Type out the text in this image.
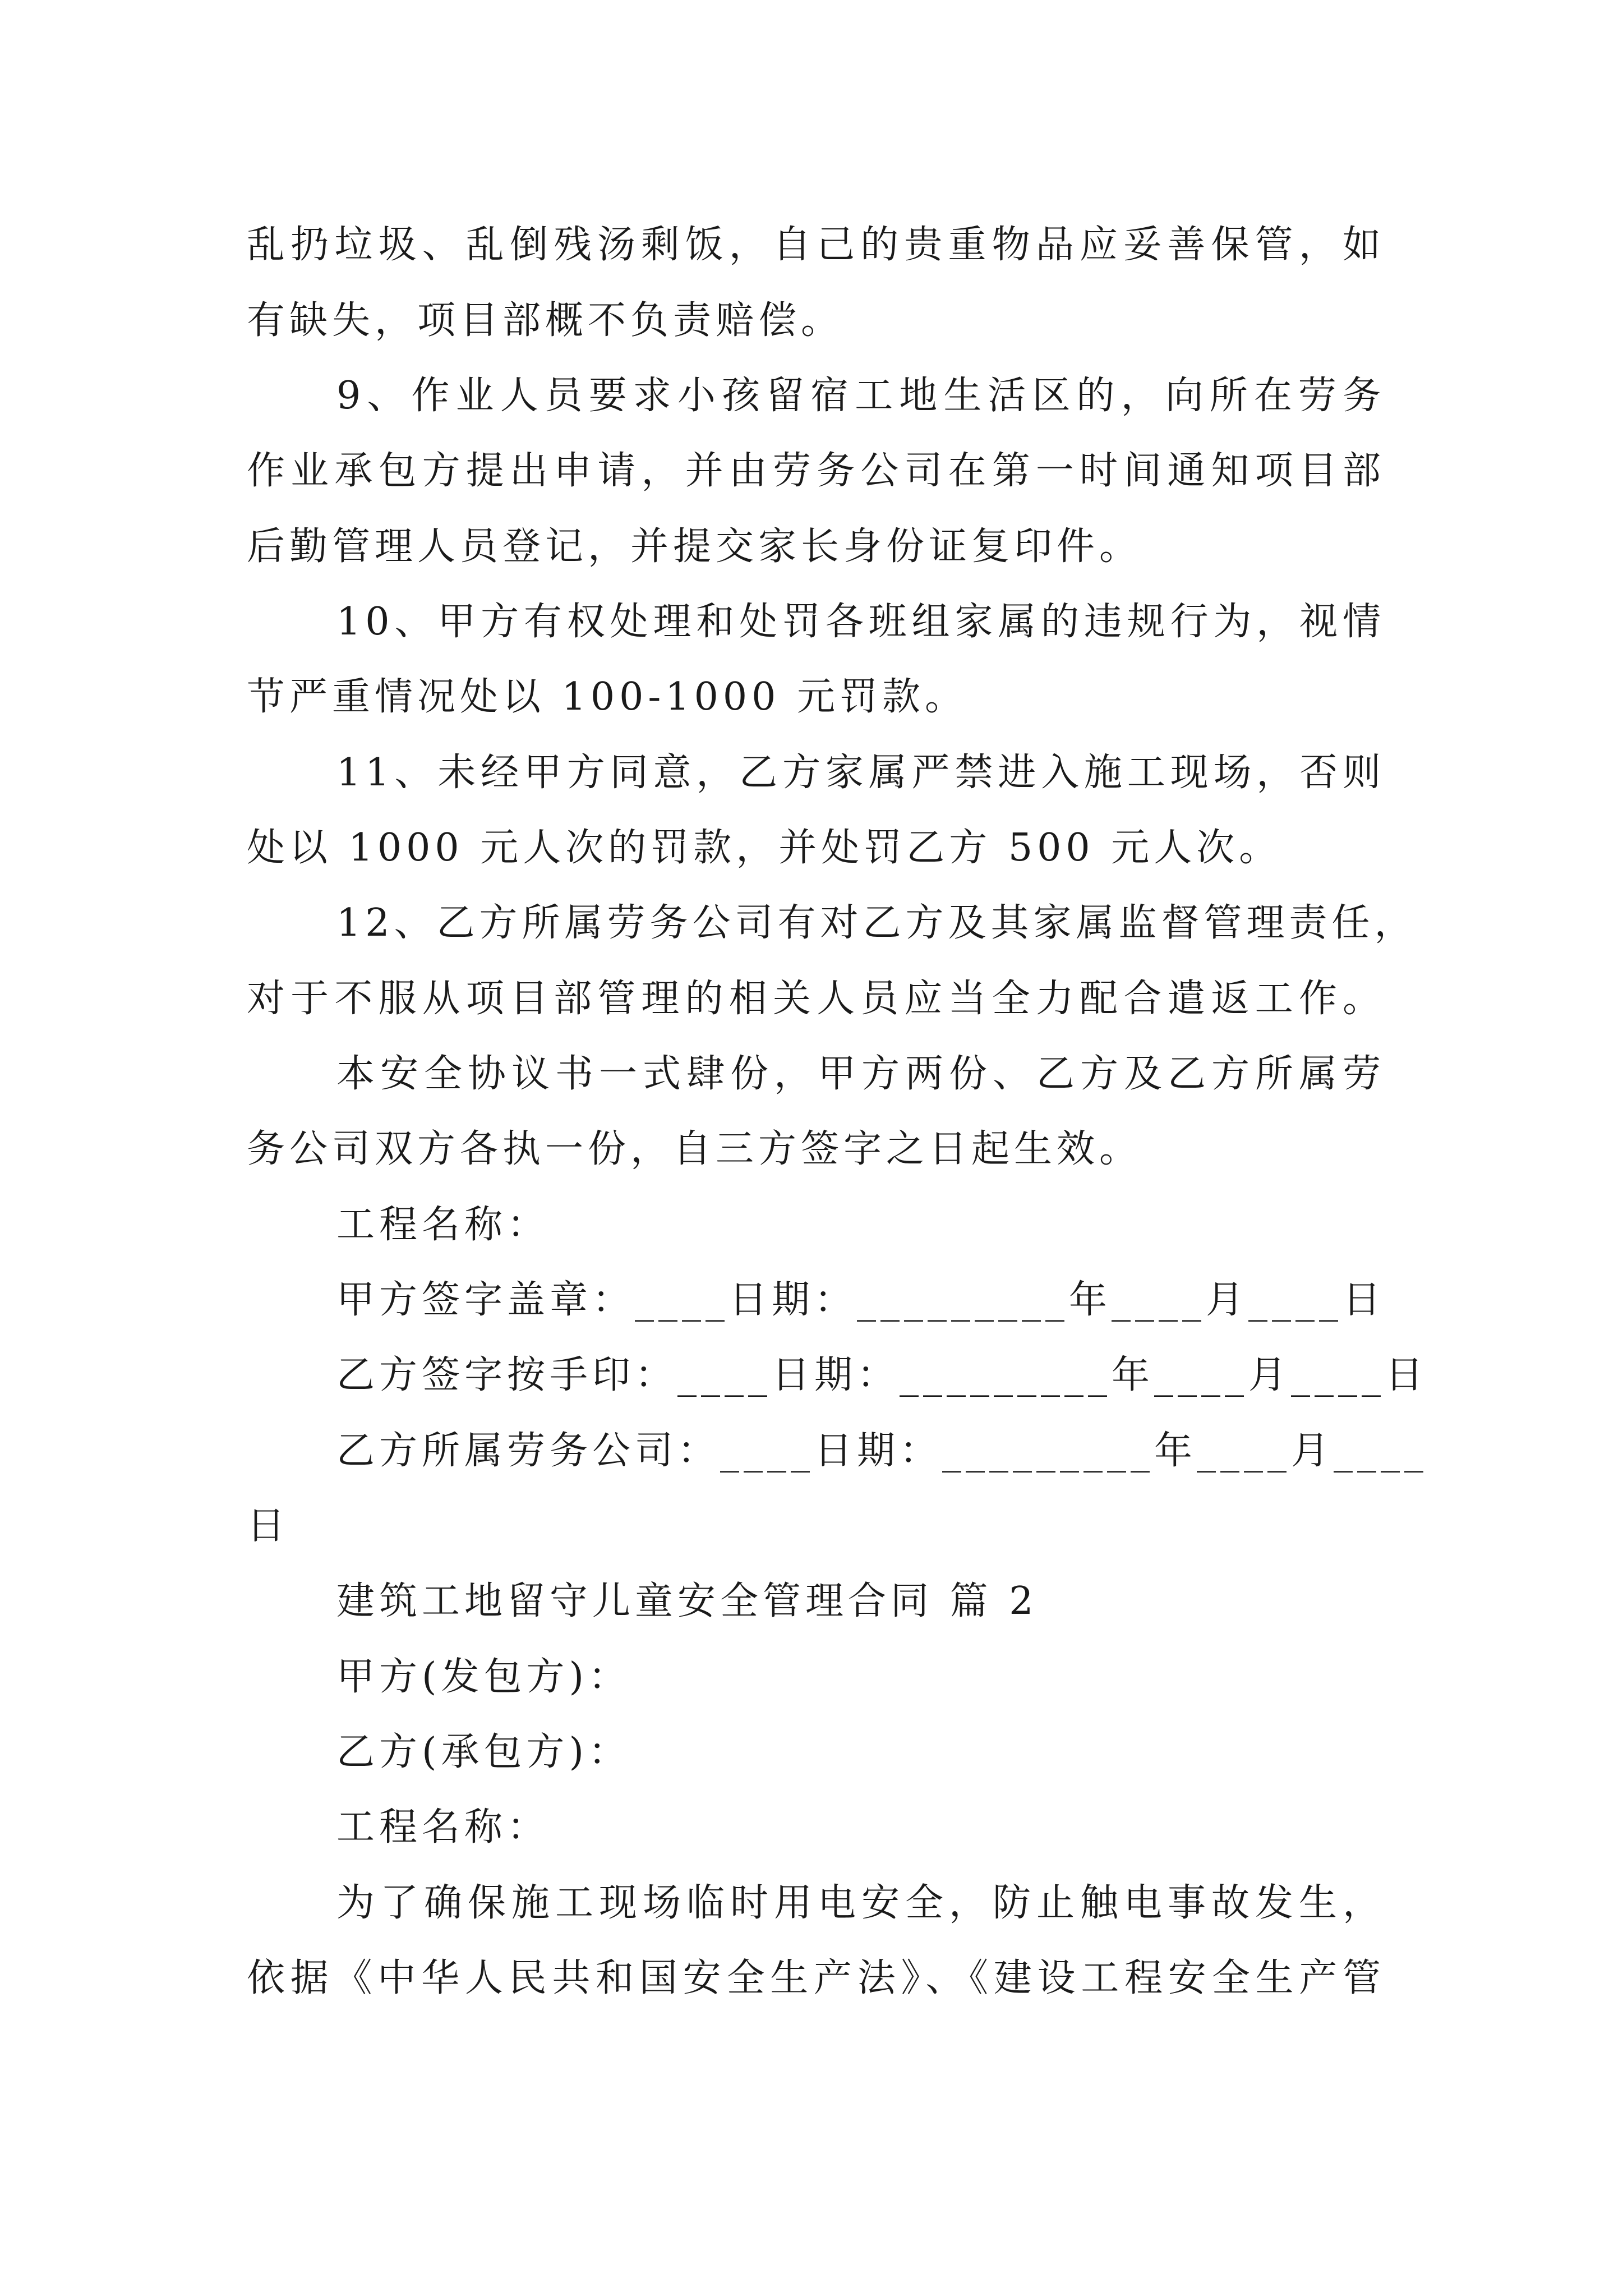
乱扔垃圾、乱倒残汤剩饭，自己的贵重物品应妥善保管，如
有缺失，项目部概不负责赔偿。
9、作业人员要求小孩留宿工地生活区的，向所在劳务
作业承包方提出申请，并由劳务公司在第一时间通知项目部
后勤管理人员登记，并提交家长身份证复印件。
10、甲方有权处理和处罚各班组家属的违规行为，视情
节严重情况处以 100-1000 元罚款。
11、未经甲方同意，乙方家属严禁进入施工现场，否则
处以 1000 元人次的罚款，并处罚乙方 500 元人次。
12、乙方所属劳务公司有对乙方及其家属监督管理责任，
对于不服从项目部管理的相关人员应当全力配合遣返工作。
本安全协议书一式肆份，甲方两份、乙方及乙方所属劳
务公司双方各执一份，自三方签字之日起生效。
工程名称：
甲方签字盖章：____日期：_________年____月____日
乙方签字按手印：____日期：_________年____月____日
乙方所属劳务公司：____日期：_________年____月____
日
建筑工地留守儿童安全管理合同 篇 2
甲方(发包方)：
乙方(承包方)：
工程名称：
为了确保施工现场临时用电安全，防止触电事故发生，
依据《中华人民共和国安全生产法》、《建设工程安全生产管
